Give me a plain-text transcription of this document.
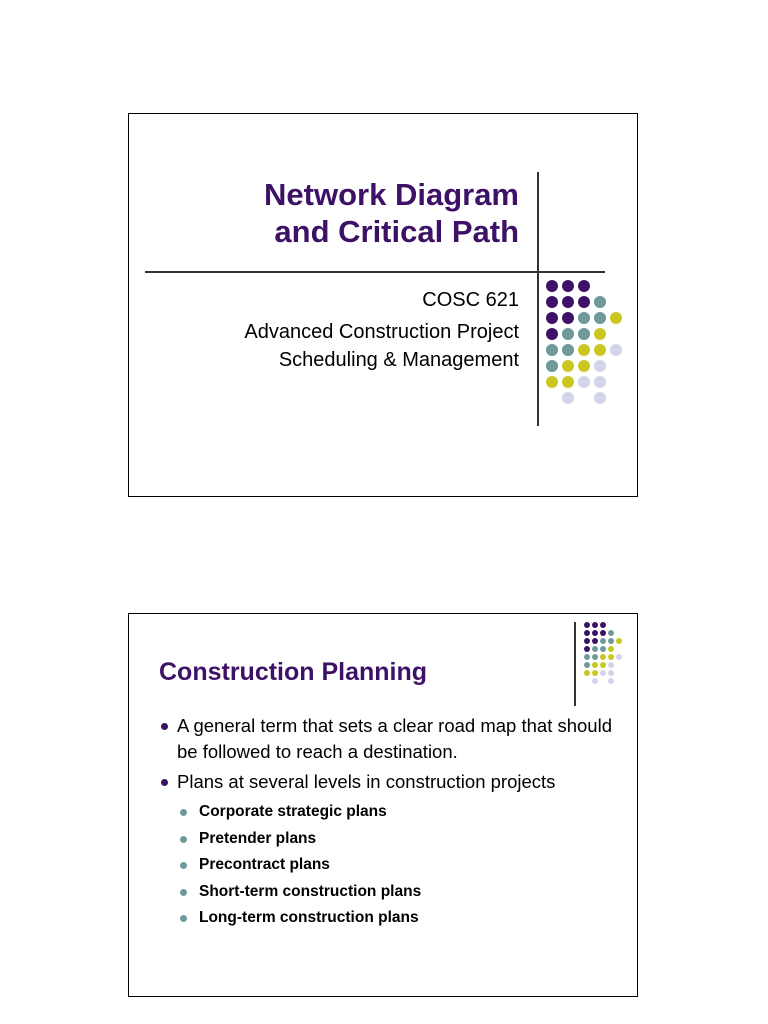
Network Diagram
and Critical Path
COSC 621
Advanced Construction Project
Scheduling & Management
Construction Planning
A general term that sets a clear road map that should be followed to reach a destination.
Plans at several levels in construction projects
Corporate strategic plans
Pretender plans
Precontract plans
Short-term construction plans
Long-term construction plans
